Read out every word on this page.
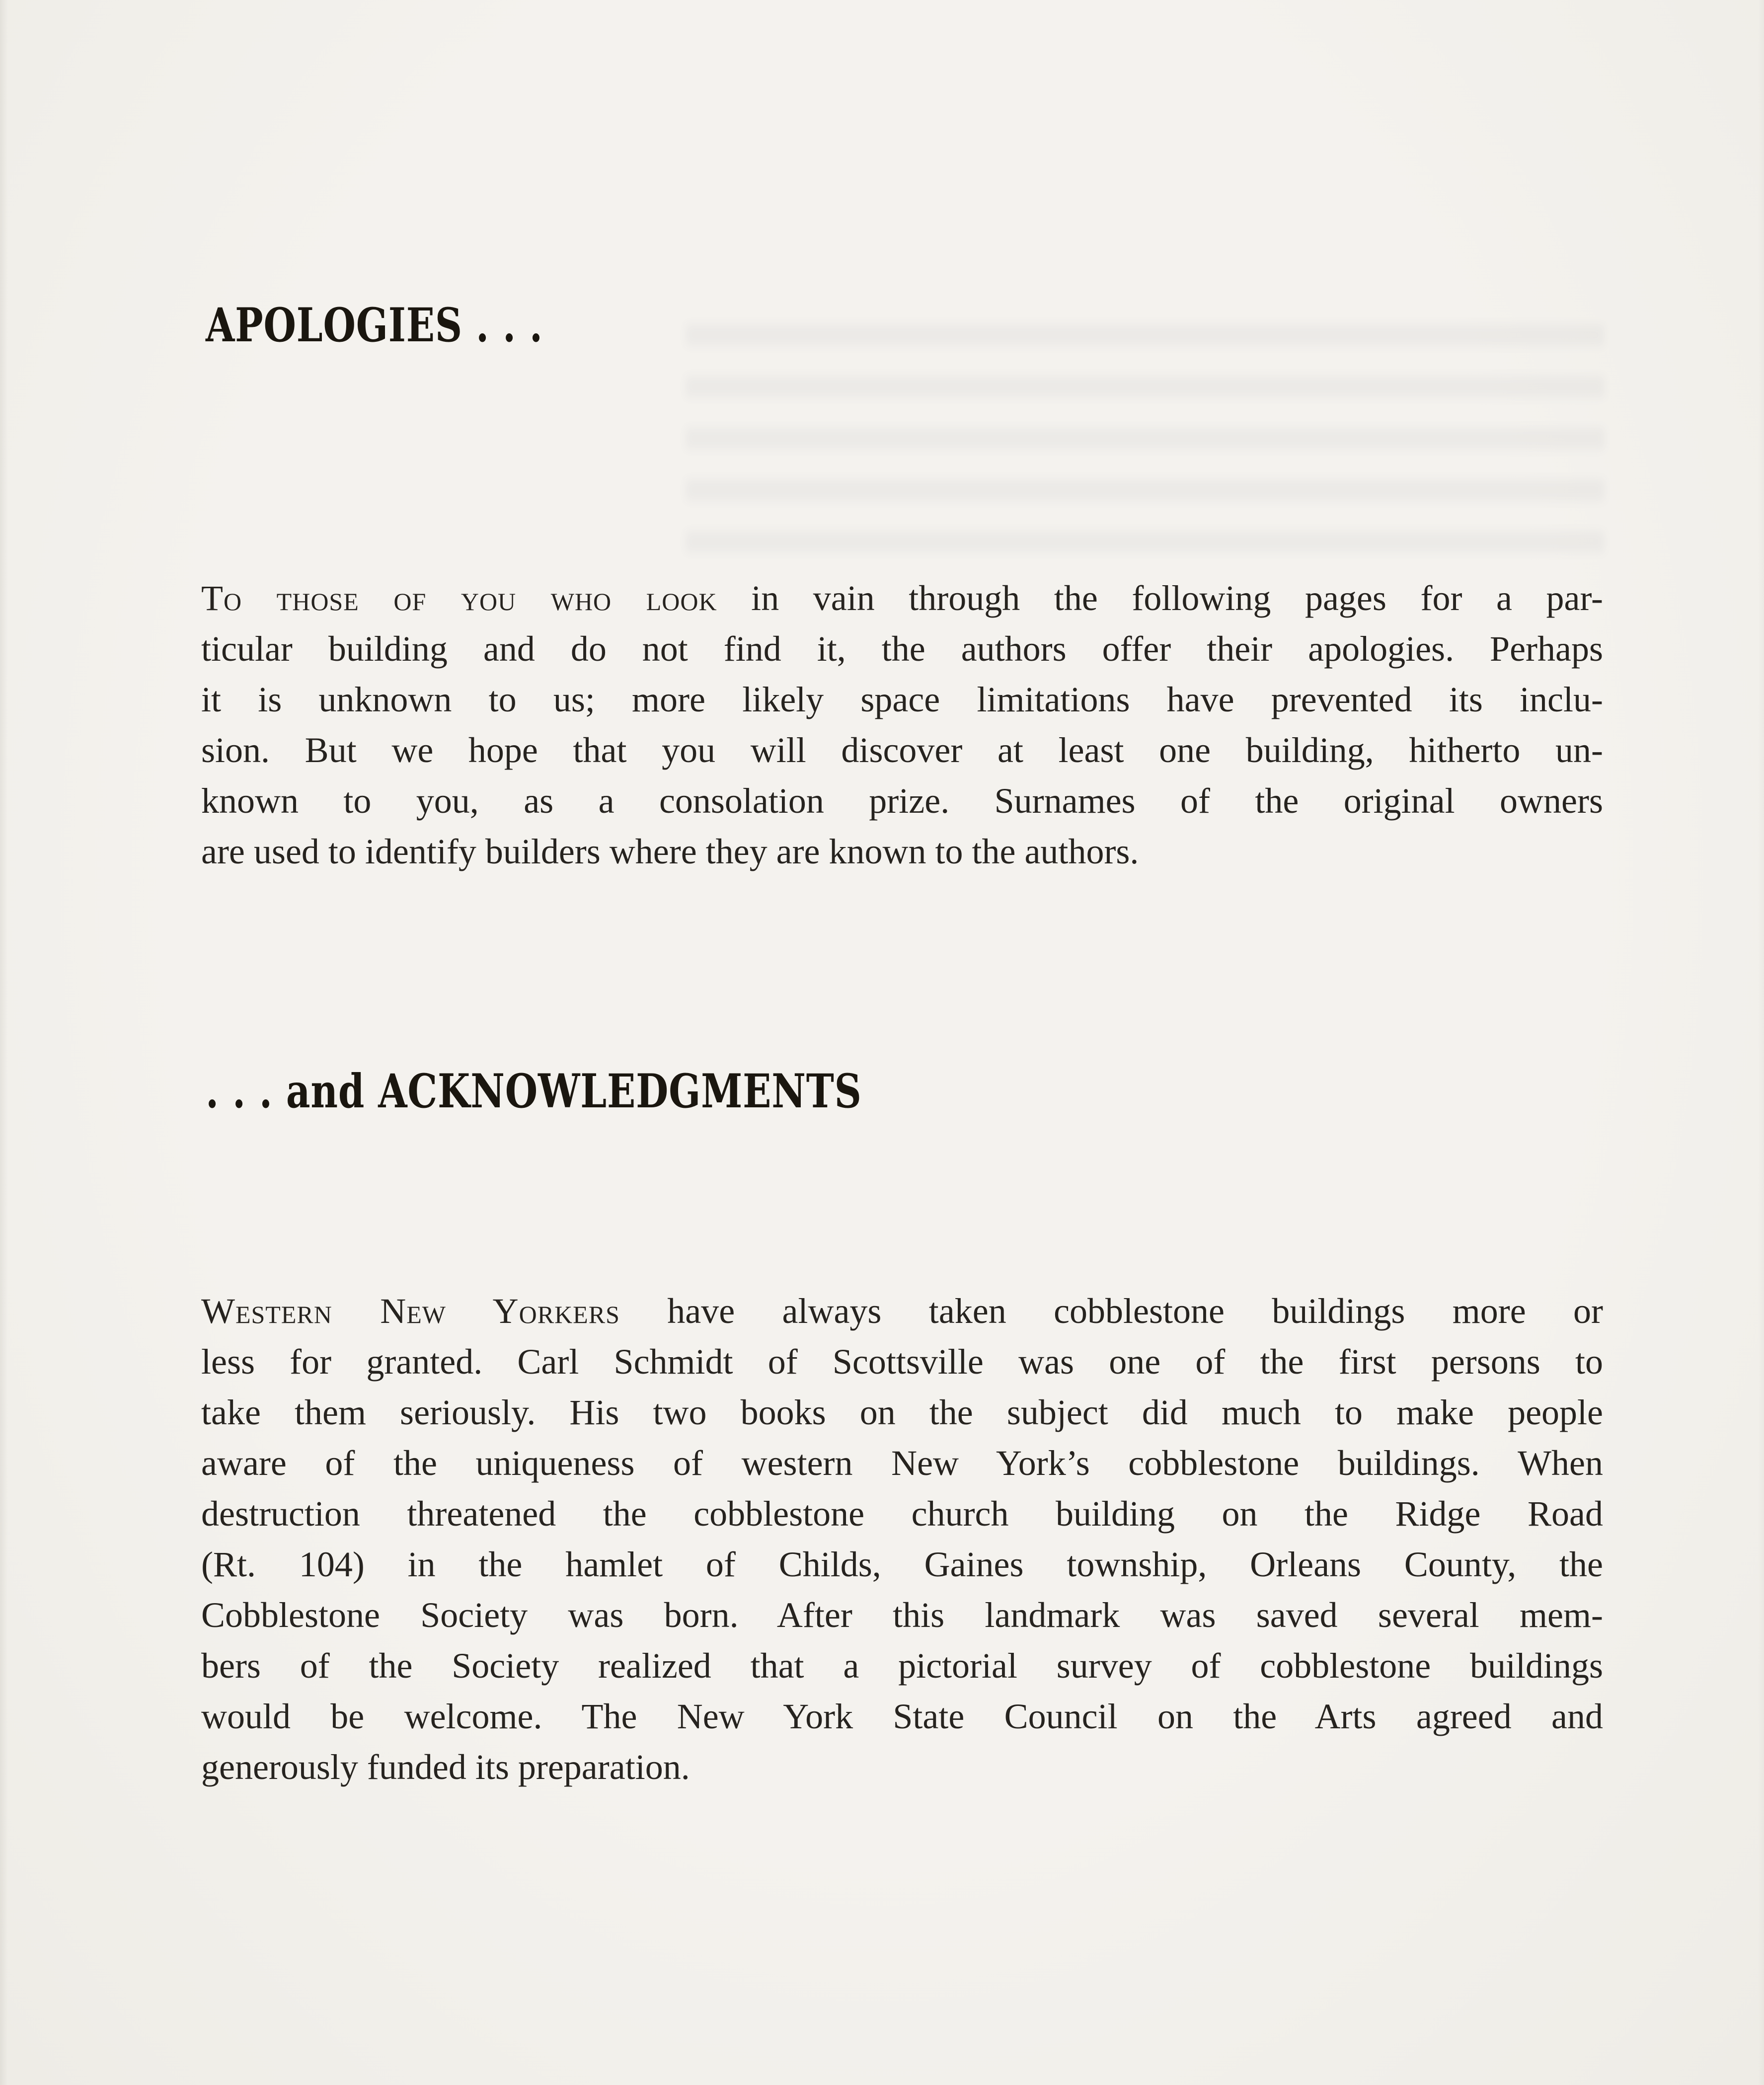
APOLOGIES . . .
To those of you who look in vain through the following pages for a par-
ticular building and do not find it, the authors offer their apologies. Perhaps
it is unknown to us; more likely space limitations have prevented its inclu-
sion. But we hope that you will discover at least one building, hitherto un-
known to you, as a consolation prize. Surnames of the original owners
are used to identify builders where they are known to the authors.
. . . and ACKNOWLEDGMENTS
Western New Yorkers have always taken cobblestone buildings more or
less for granted. Carl Schmidt of Scottsville was one of the first persons to
take them seriously. His two books on the subject did much to make people
aware of the uniqueness of western New York’s cobblestone buildings. When
destruction threatened the cobblestone church building on the Ridge Road
(Rt. 104) in the hamlet of Childs, Gaines township, Orleans County, the
Cobblestone Society was born. After this landmark was saved several mem-
bers of the Society realized that a pictorial survey of cobblestone buildings
would be welcome. The New York State Council on the Arts agreed and
generously funded its preparation.
